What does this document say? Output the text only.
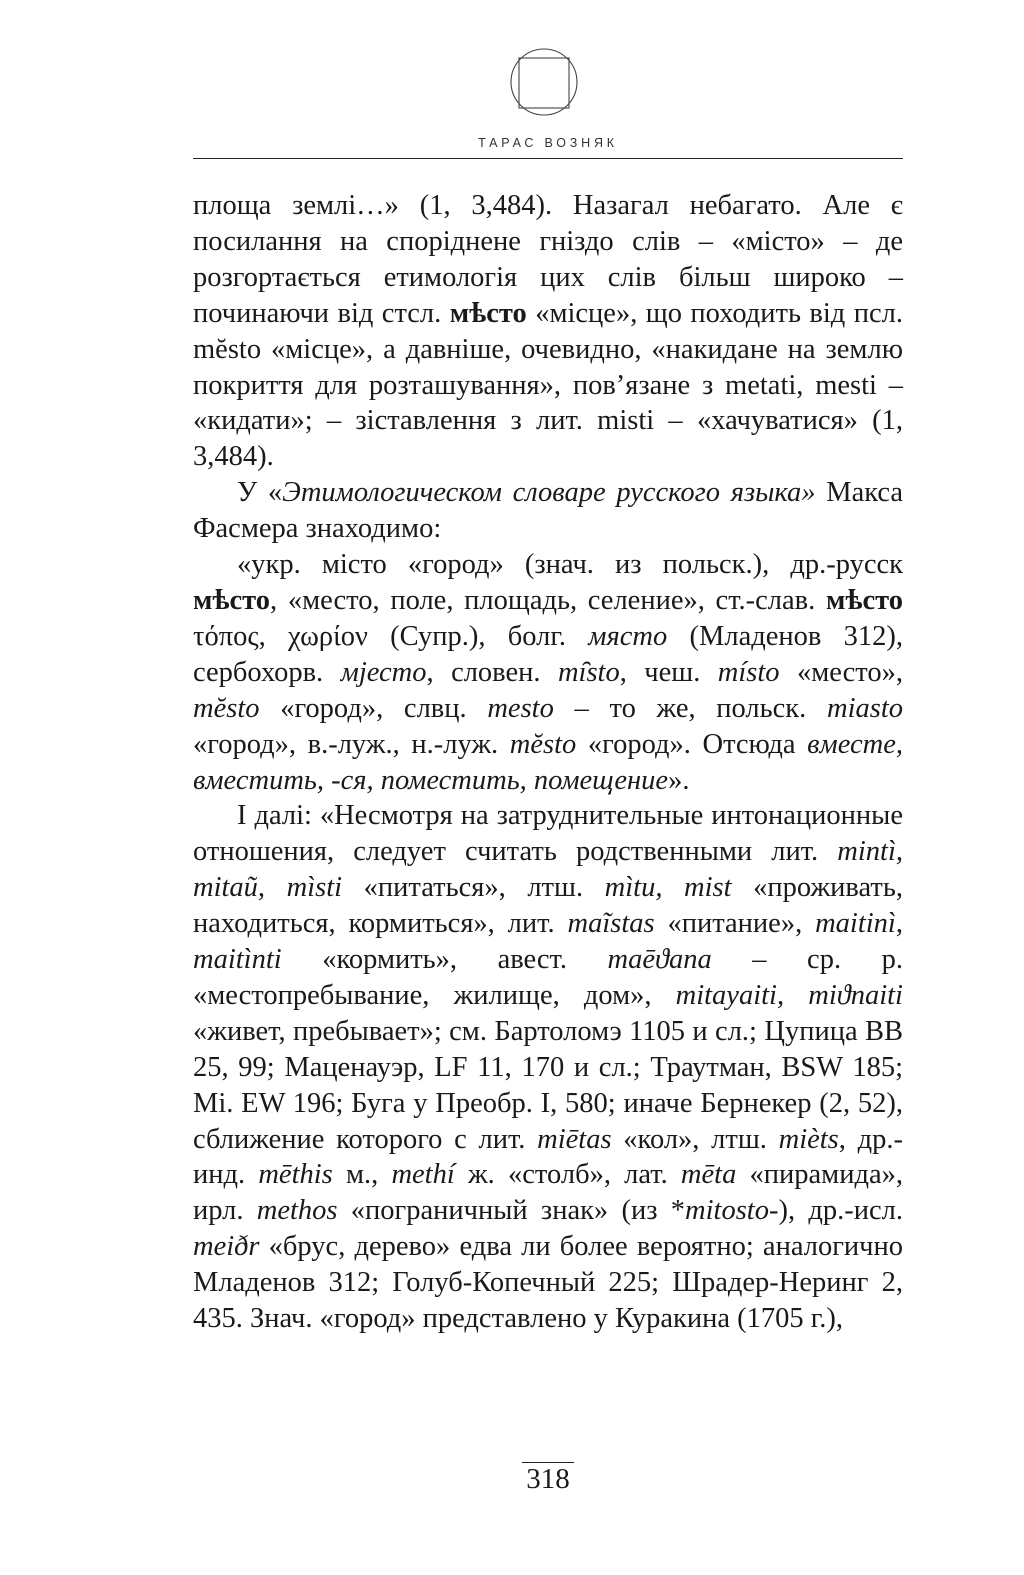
ТАРАС ВОЗНЯК

площа землі…» (1, 3,484). Назагал небагато. Але є посилання на споріднене гніздо слів – «місто» – де розгортається етимологія цих слів більш широко – починаючи від стсл. мѣсто «місце», що походить від псл. mĕsto «місце», а давніше, очевидно, «накидане на землю покриття для розташування», пов’язане з metati, mesti – «кидати»; – зіставлення з лит. misti – «хачуватися» (1, 3,484).

У «Этимологическом словаре русского языка» Макса Фасмера знаходимо:

«укр. місто «город» (знач. из польск.), др.-русск мѣсто, «место, поле, площадь, селение», ст.-слав. мѣсто τόπος, χωρίον (Супр.), болг. място (Младенов 312), сербохорв. мјесто, словен. mı̑sto, чеш. místo «место», mĕsto «город», слвц. mesto – то же, польск. miasto «город», в.-луж., н.-луж. mĕsto «город». Отсюда вместе, вместить, -ся, поместить, помещение».

І далі: «Несмотря на затруднительные интонационные отношения, следует считать родственными лит. mintì, mitaũ, mìsti «питаться», лтш. mìtu, mist «проживать, находиться, кормиться», лит. maĩstas «питание», maitinì, maitìnti «кормить», авест. maēϑana – ср. р. «местопребывание, жилище, дом», mitayaiti, miϑnaiti «живет, пребывает»; см. Бартоломэ 1105 и сл.; Цупица ВВ 25, 99; Маценауэр, LF 11, 170 и сл.; Траутман, BSW 185; Mi. EW 196; Буга у Преобр. I, 580; иначе Бернекер (2, 52), сближение которого с лит. miētas «кол», лтш. mièts, др.-инд. mēthis м., methí ж. «столб», лат. mēta «пирамида», ирл. methos «пограничный знак» (из *mitosto-), др.-исл. meiðr «брус, дерево» едва ли более вероятно; аналогично Младенов 312; Голуб-Копечный 225; Шрадер-Неринг 2, 435. Знач. «город» представлено у Куракина (1705 г.),

318
